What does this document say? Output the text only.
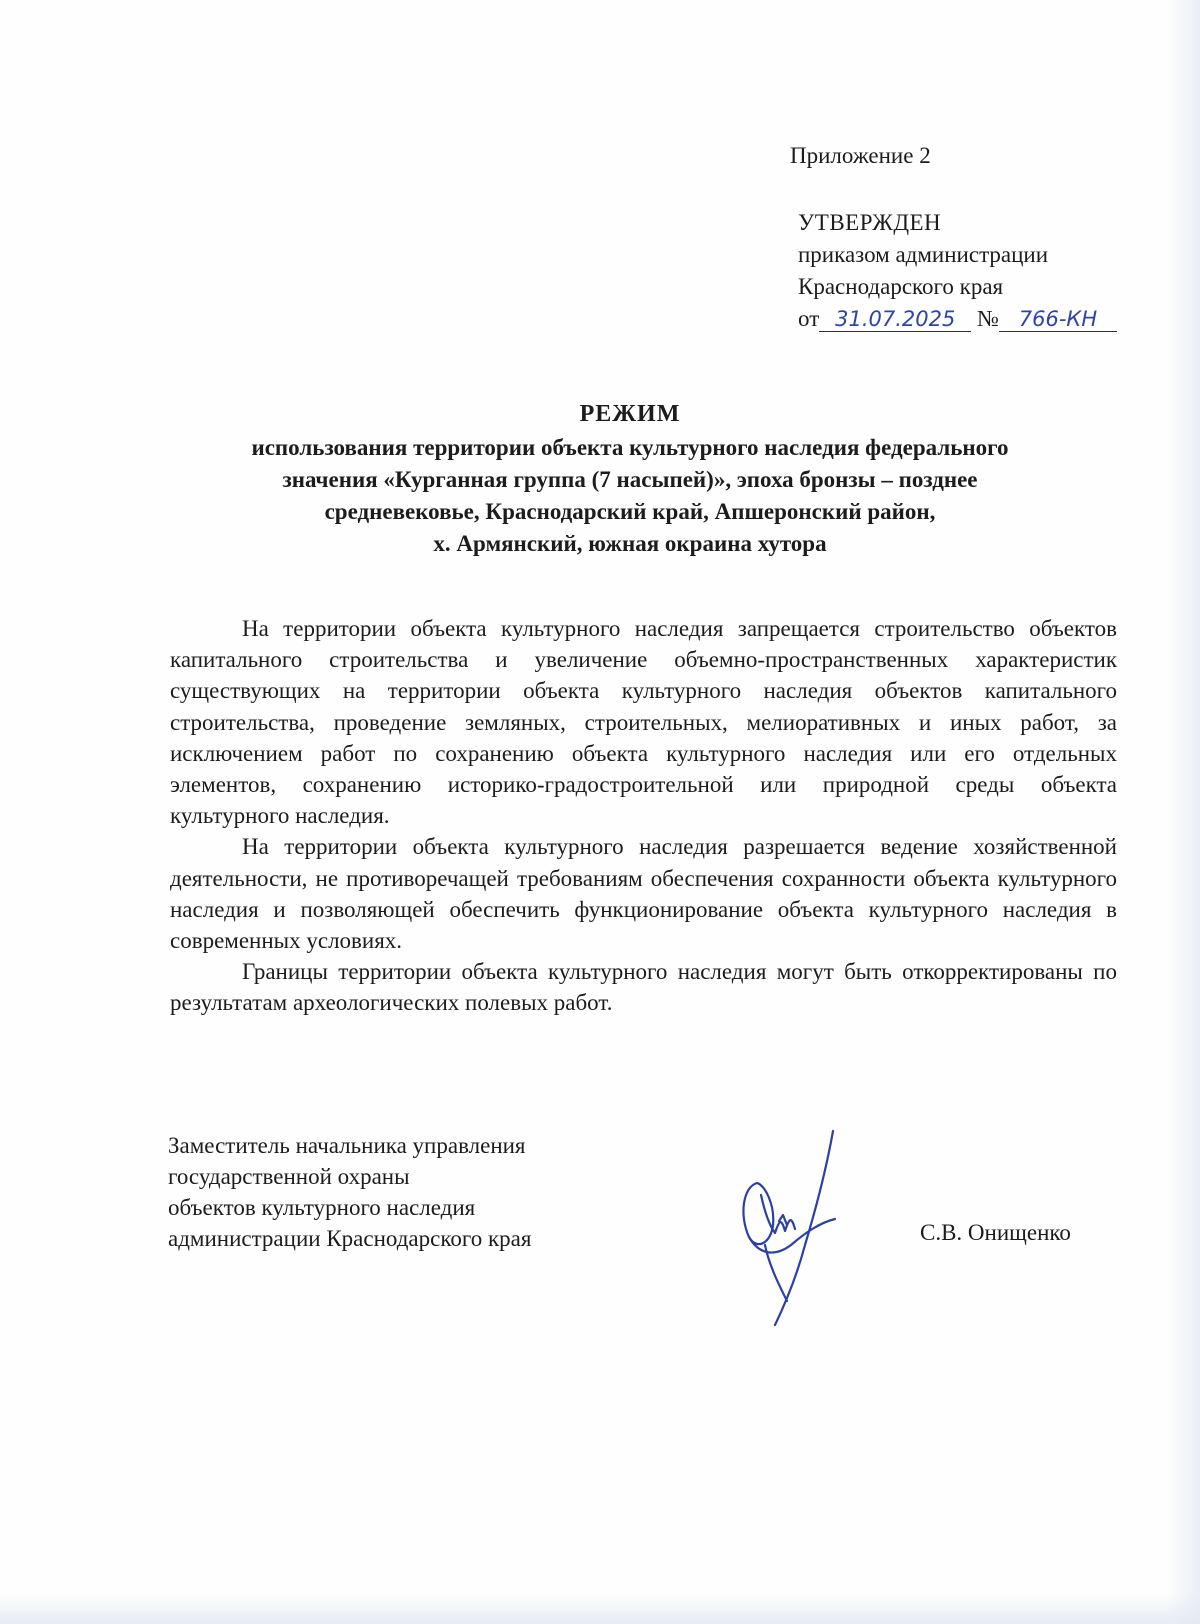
Приложение 2
УТВЕРЖДЕН
приказом администрации
Краснодарского края
от 31.07.2025 № 766-КН
РЕЖИМ
использования территории объекта культурного наследия федерального
значения «Курганная группа (7 насыпей)», эпоха бронзы – позднее
средневековье, Краснодарский край, Апшеронский район,
х. Армянский, южная окраина хутора

На территории объекта культурного наследия запрещается строительство объектов капитального строительства и увеличение объемно-пространственных характеристик существующих на территории объекта культурного наследия объектов капитального строительства, проведение земляных, строительных, мелиоративных и иных работ, за исключением работ по сохранению объекта культурного наследия или его отдельных элементов, сохранению историко-градостроительной или природной среды объекта культурного наследия.

На территории объекта культурного наследия разрешается ведение хозяйственной деятельности, не противоречащей требованиям обеспечения сохранности объекта культурного наследия и позволяющей обеспечить функционирование объекта культурного наследия в современных условиях.

Границы территории объекта культурного наследия могут быть откорректированы по результатам археологических полевых работ.

Заместитель начальника управления
государственной охраны
объектов культурного наследия
администрации Краснодарского края	С.В. Онищенко
